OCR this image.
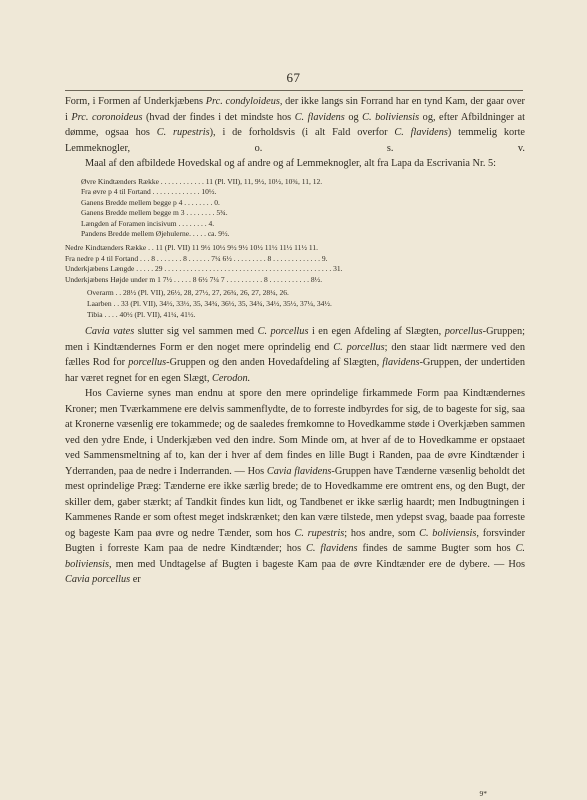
67

Form, i Formen af Underkjæbens Prc. condyloideus, der ikke langs sin Forrand har en tynd Kam, der gaar over i Prc. coronoideus (hvad der findes i det mindste hos C. flavidens og C. boliviensis og, efter Afbildninger at dømme, ogsaa hos C. rupestris), i de forholdsvis (i alt Fald overfor C. flavidens) temmelig korte Lemmeknogler, o. s. v.

Maal af den afbildede Hovedskal og af andre og af Lemmeknogler, alt fra Lapa da Escrivania Nr. 5:

Øvre Kindtænders Række . . . . . . . . . . . . 11 (Pl. VII), 11, 9½, 10½, 10¾, 11, 12.
Fra øvre p 4 til Fortand . . . . . . . . . . . . . 10½.
Ganens Bredde mellem begge p 4 . . . . . . . . 0.
Ganens Bredde mellem begge m 3 . . . . . . . . 5¾.
Længden af Foramen incisivum . . . . . . . . 4.
Pandens Bredde mellem Øjehulerne. . . . . ca. 9½.
Nedre Kindtænders Række . . 11 (Pl. VII) 11 9½ 10½ 9½ 9½ 10½ 11½ 11½ 11½ 11.
Fra nedre p 4 til Fortand . . . 8 . . . . . . . 8 . . . . . . 7¼ 6½ . . . . . . . . . 8 . . . . . . . . . . . . . 9.
Underkjæbens Længde . . . . . 29 . . . . . . . . . . . . . . . . . . . . . . . . . . . . . . . . . . . . . . . . . . . . . 31.
Underkjæbens Højde under m 1 7½ . . . . . 8 6½ 7¼ 7 . . . . . . . . . . 8 . . . . . . . . . . . 8½.
Overarm . . 28½ (Pl. VII), 26½, 28, 27½, 27, 26¾, 26, 27, 28¼, 26.
Laarben . . 33 (Pl. VII), 34½, 33½, 35, 34¾, 36½, 35, 34¾, 34½, 35½, 37¼, 34½.
Tibia . . . . 40½ (Pl. VII), 41¼, 41½.

Cavia vates slutter sig vel sammen med C. porcellus i en egen Afdeling af Slægten, porcellus-Gruppen; men i Kindtændernes Form er den noget mere oprindelig end C. porcellus; den staar lidt nærmere ved den fælles Rod for porcellus-Gruppen og den anden Hovedafdeling af Slægten, flavidens-Gruppen, der undertiden har været regnet for en egen Slægt, Cerodon.

Hos Cavierne synes man endnu at spore den mere oprindelige firkammede Form paa Kindtændernes Kroner; men Tværkammene ere delvis sammenflydte, de to forreste indbyrdes for sig, de to bageste for sig, saa at Kronerne væsenlig ere tokammede; og de saaledes fremkomne to Hovedkamme støde i Overkjæben sammen ved den ydre Ende, i Underkjæben ved den indre. Som Minde om, at hver af de to Hovedkamme er opstaaet ved Sammensmeltning af to, kan der i hver af dem findes en lille Bugt i Randen, paa de øvre Kindtænder i Yderranden, paa de nedre i Inderranden. — Hos Cavia flavidens-Gruppen have Tænderne væsenlig beholdt det mest oprindelige Præg: Tænderne ere ikke særlig brede; de to Hovedkamme ere omtrent ens, og den Bugt, der skiller dem, gaber stærkt; af Tandkit findes kun lidt, og Tandbenet er ikke særlig haardt; men Indbugtningen i Kammenes Rande er som oftest meget indskrænket; den kan være tilstede, men ydерst svag, baade paa forreste og bageste Kam paa øvre og nedre Tænder, som hos C. rupestris; hos andre, som C. boliviensis, forsvinder Bugten i forreste Kam paa de nedre Kindtænder; hos C. flavidens findes de samme Bugter som hos C. boliviensis, men med Undtagelse af Bugten i bageste Kam paa de øvre Kindtænder ere de dybere. — Hos Cavia porcellus er

9*
